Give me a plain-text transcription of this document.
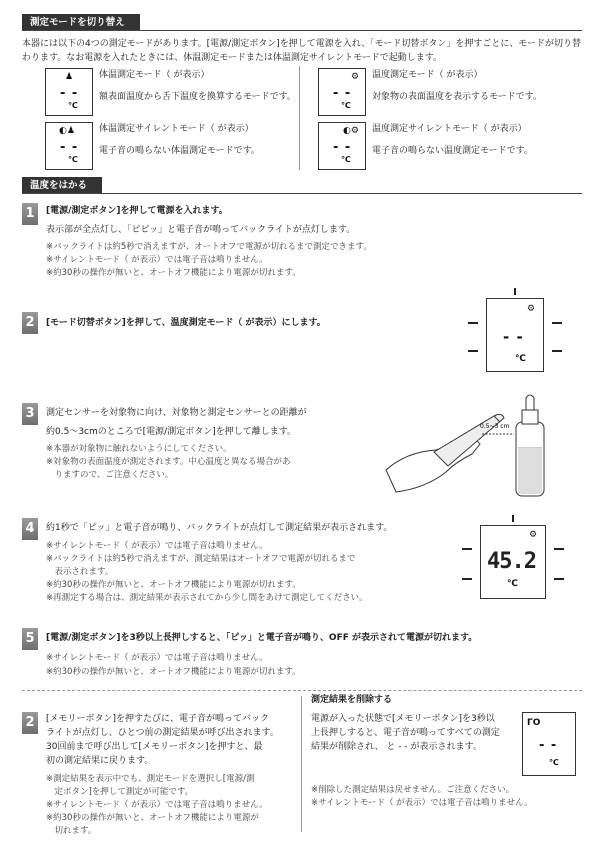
測定モードを切り替える
本器には以下の4つの測定モードがあります。[電源/測定ボタン]を押して電源を入れ、「モード切替ボタン」を押すごとに、モードが切り替わります。なお電源を入れたときには、体温測定モードまたは体温測定サイレントモードで起動します。
♟
- -
℃
体温測定モード（ が表示）
額表面温度から舌下温度を換算するモードです。
⚙
- -
℃
温度測定モード（ が表示）
対象物の表面温度を表示するモードです。
◐♟
- -
℃
体温測定サイレントモード（ が表示）
電子音の鳴らない体温測定モードです。
◐⚙
- -
℃
温度測定サイレントモード（ が表示）
電子音の鳴らない温度測定モードです。
温度をはかる
1	[電源/測定ボタン]を押して電源を入れます。
表示部が全点灯し、「ピピッ」と電子音が鳴ってバックライトが点灯します。
※バックライトは約5秒で消えますが、オートオフで電源が切れるまで測定できます。
※サイレントモード（ が表示）では電子音は鳴りません。
※約30秒の操作が無いと、オートオフ機能により電源が切れます。
2	[モード切替ボタン]を押して、温度測定モード（ が表示）にします。
⚙
- -
℃
3	測定センサーを対象物に向け、対象物と測定センサーとの距離が
約0.5～3cmのところで[電源/測定ボタン]を押して離します。
※本器が対象物に触れないようにしてください。
※対象物の表面温度が測定されます。中心温度と異なる場合があ
　りますので、ご注意ください。
0.5~3 cm
4	約1秒で「ピッ」と電子音が鳴り、バックライトが点灯して測定結果が表示されます。
※サイレントモード（ が表示）では電子音は鳴りません。
※バックライトは約5秒で消えますが、測定結果はオートオフで電源が切れるまで
　表示されます。
※約30秒の操作が無いと、オートオフ機能により電源が切れます。
※再測定する場合は、測定結果が表示されてから少し間をあけて測定してください。
⚙
45.2
℃
5	[電源/測定ボタン]を3秒以上長押しすると、「ピッ」と電子音が鳴り、OFF が表示されて電源が切れます。
※サイレントモード（ が表示）では電子音は鳴りません。
※約30秒の操作が無いと、オートオフ機能により電源が切れます。
2	[メモリーボタン]を押すたびに、電子音が鳴ってバック
ライトが点灯し、ひとつ前の測定結果が呼び出されます。
30回前まで呼び出して[メモリーボタン]を押すと、最
初の測定結果に戻ります。
※測定結果を表示中でも、測定モードを選択し[電源/測
　定ボタン]を押して測定が可能です。
※サイレントモード（ が表示）では電子音は鳴りません。
※約30秒の操作が無いと、オートオフ機能により電源が
　切れます。
測定結果を削除する
電源が入った状態で[メモリーボタン]を3秒以
上長押しすると、電子音が鳴ってすべての測定
結果が削除され、 と - - が表示されます。
ГО
- -
℃
※削除した測定結果は戻せません。ご注意ください。
※サイレントモード（ が表示）では電子音は鳴りません。
